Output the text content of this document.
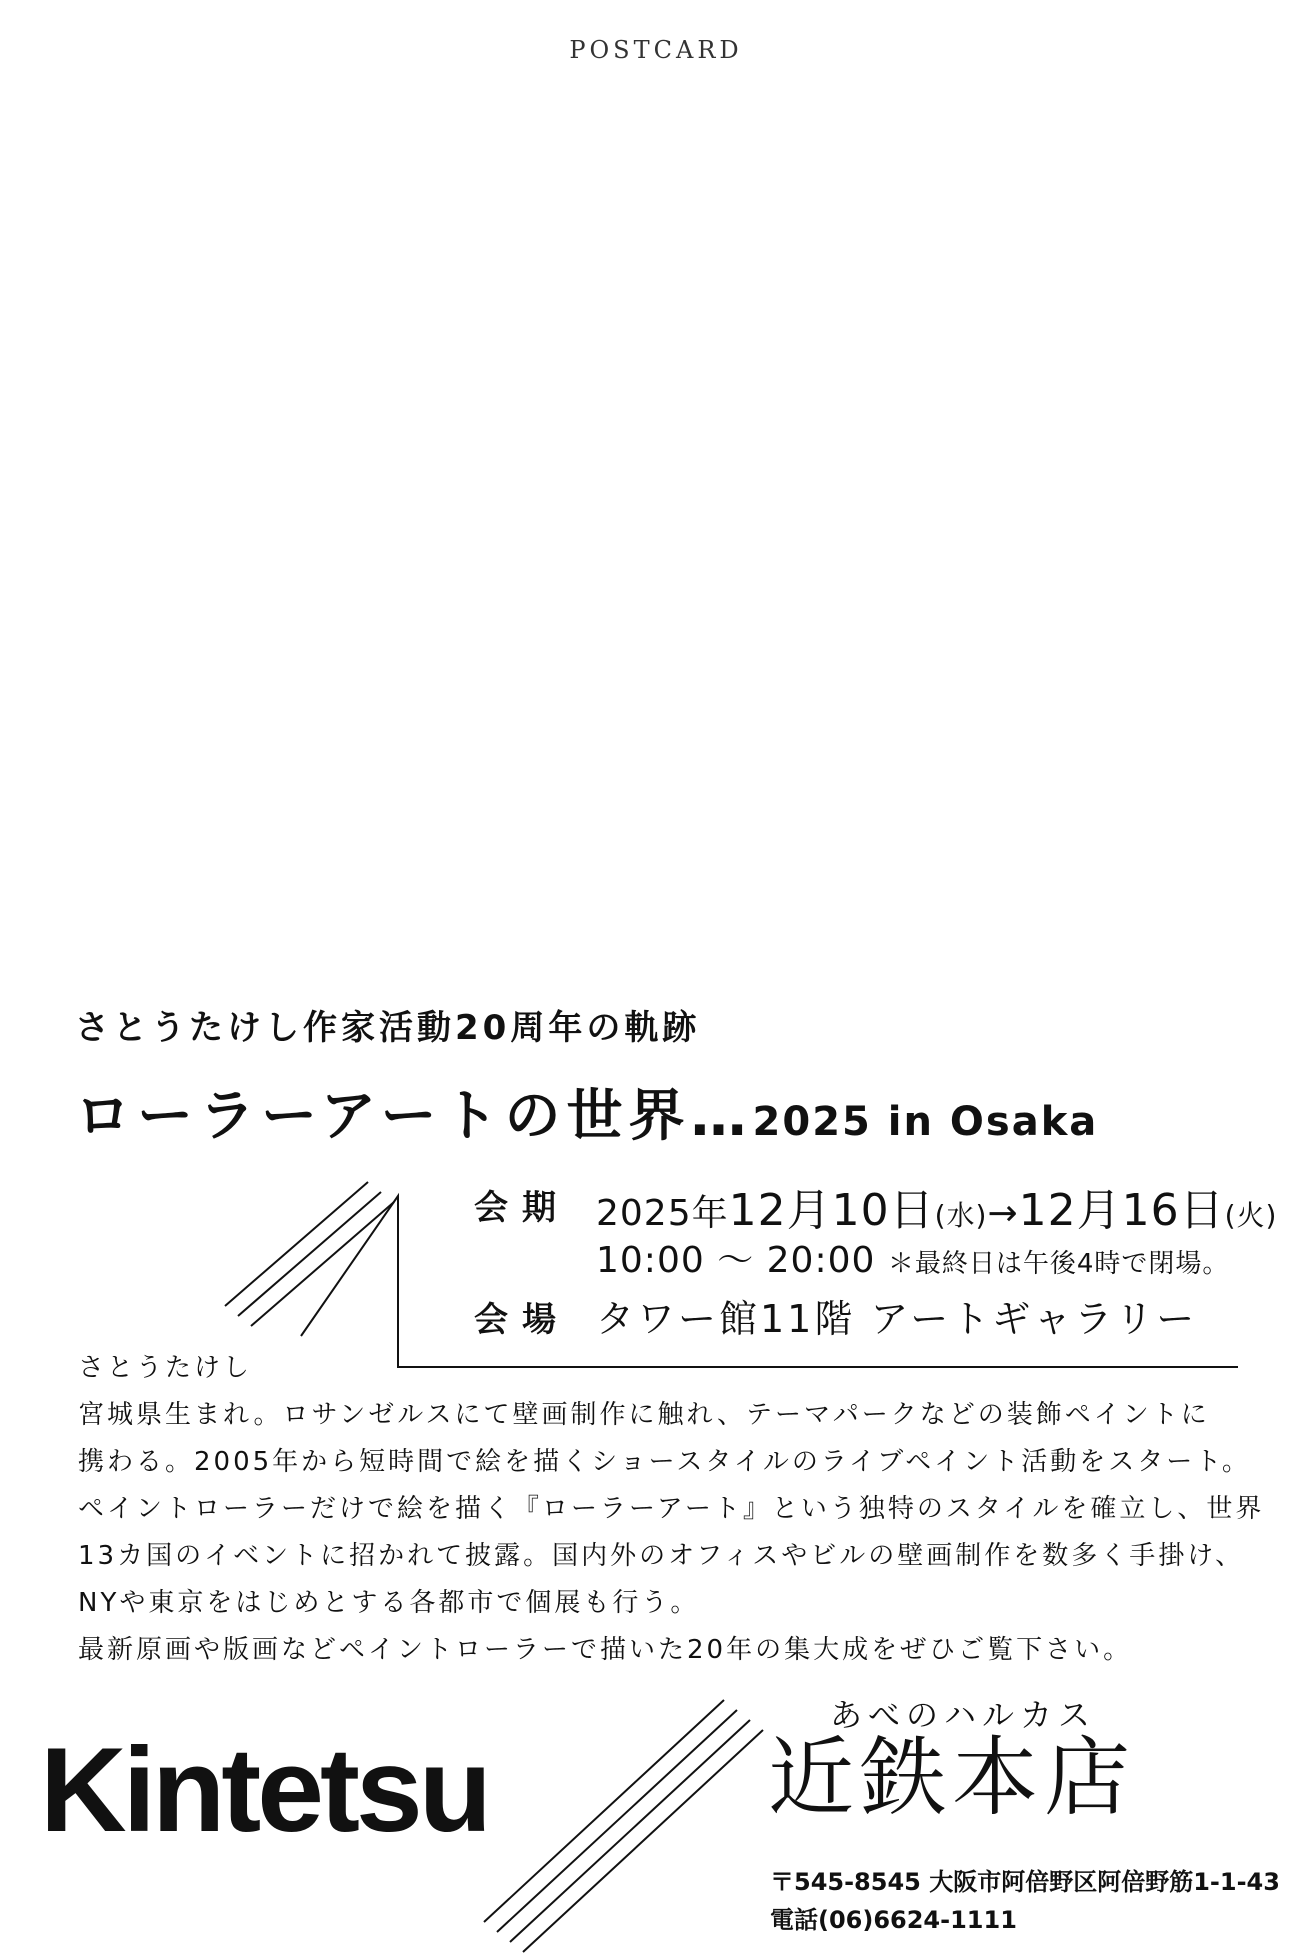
POSTCARD
さとうたけし作家活動20周年の軌跡
ローラーアートの世界…2025 in Osaka
会期 2025年12月10日(水)→12月16日(火)
10:00 〜 20:00 ＊最終日は午後4時で閉場。
会場 タワー館11階 アートギャラリー
さとうたけし
宮城県生まれ。ロサンゼルスにて壁画制作に触れ、テーマパークなどの装飾ペイントに
携わる。2005年から短時間で絵を描くショースタイルのライブペイント活動をスタート。
ペイントローラーだけで絵を描く『ローラーアート』という独特のスタイルを確立し、世界
13カ国のイベントに招かれて披露。国内外のオフィスやビルの壁画制作を数多く手掛け、
NYや東京をはじめとする各都市で個展も行う。
最新原画や版画などペイントローラーで描いた20年の集大成をぜひご覧下さい。
Kintetsu
あべのハルカス
近鉄本店
〒545-8545 大阪市阿倍野区阿倍野筋1-1-43
電話(06)6624-1111
